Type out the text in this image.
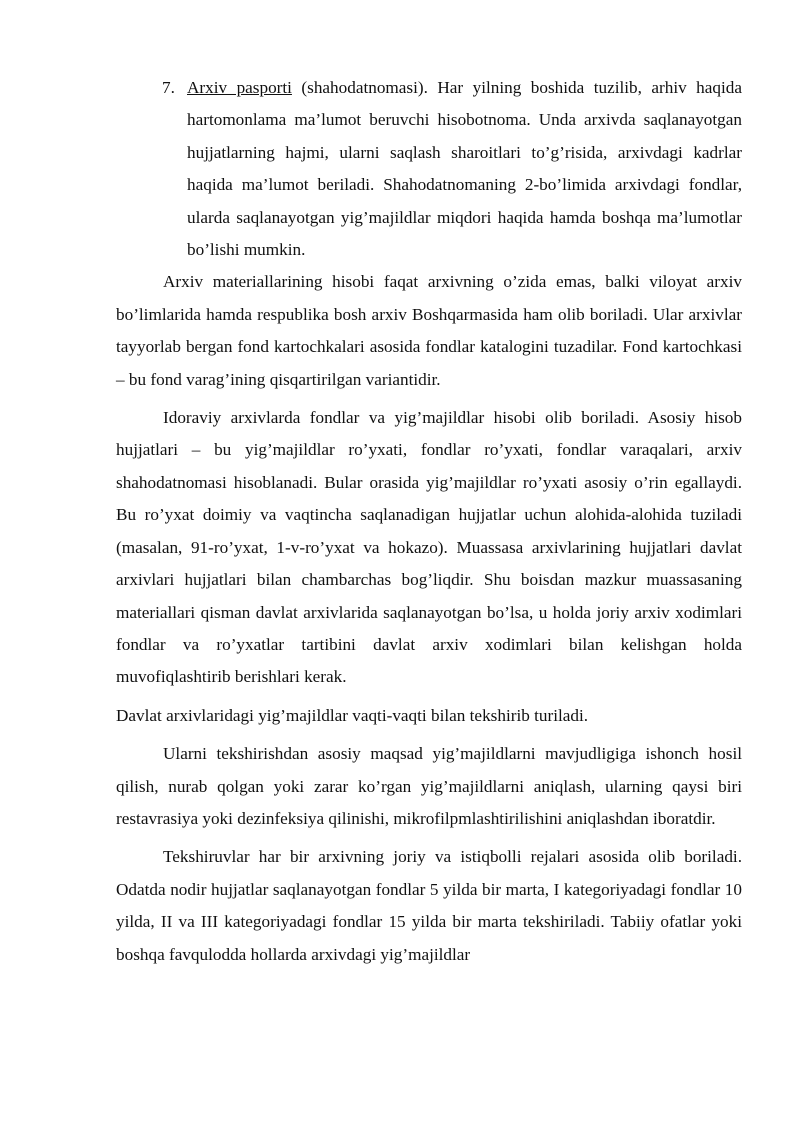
7. Arxiv pasporti (shahodatnomasi). Har yilning boshida tuzilib, arhiv haqida hartomonlama ma’lumot beruvchi hisobotnoma. Unda arxivda saqlanayotgan hujjatlarning hajmi, ularni saqlash sharoitlari to’g’risida, arxivdagi kadrlar haqida ma’lumot beriladi. Shahodatnomaning 2-bo’limida arxivdagi fondlar, ularda saqlanayotgan yig’majildlar miqdori haqida hamda boshqa ma’lumotlar bo’lishi mumkin.

Arxiv materiallarining hisobi faqat arxivning o’zida emas, balki viloyat arxiv bo’limlarida hamda respublika bosh arxiv Boshqarmasida ham olib boriladi. Ular arxivlar tayyorlab bergan fond kartochkalari asosida fondlar katalogini tuzadilar. Fond kartochkasi – bu fond varag’ining qisqartirilgan variantidir.

Idoraviy arxivlarda fondlar va yig’majildlar hisobi olib boriladi. Asosiy hisob hujjatlari – bu yig’majildlar ro’yxati, fondlar ro’yxati, fondlar varaqalari, arxiv shahodatnomasi hisoblanadi. Bular orasida yig’majildlar ro’yxati asosiy o’rin egallaydi. Bu ro’yxat doimiy va vaqtincha saqlanadigan hujjatlar uchun alohida-alohida tuziladi (masalan, 91-ro’yxat, 1-v-ro’yxat va hokazo). Muassasa arxivlarining hujjatlari davlat arxivlari hujjatlari bilan chambarchas bog’liqdir. Shu boisdan mazkur muassasaning materiallari qisman davlat arxivlarida saqlanayotgan bo’lsa, u holda joriy arxiv xodimlari fondlar va ro’yxatlar tartibini davlat arxiv xodimlari bilan kelishgan holda muvofiqlashtirib berishlari kerak.

Davlat arxivlaridagi yig’majildlar vaqti-vaqti bilan tekshirib turiladi.

Ularni tekshirishdan asosiy maqsad yig’majildlarni mavjudligiga ishonch hosil qilish, nurab qolgan yoki zarar ko’rgan yig’majildlarni aniqlash, ularning qaysi biri restavrasiya yoki dezinfeksiya qilinishi, mikrofilpmlashtirilishini aniqlashdan iboratdir.

Tekshiruvlar har bir arxivning joriy va istiqbolli rejalari asosida olib boriladi. Odatda nodir hujjatlar saqlanayotgan fondlar 5 yilda bir marta, I kategoriyadagi fondlar 10 yilda, II va III kategoriyadagi fondlar 15 yilda bir marta tekshiriladi. Tabiiy ofatlar yoki boshqa favqulodda hollarda arxivdagi yig’majildlar
